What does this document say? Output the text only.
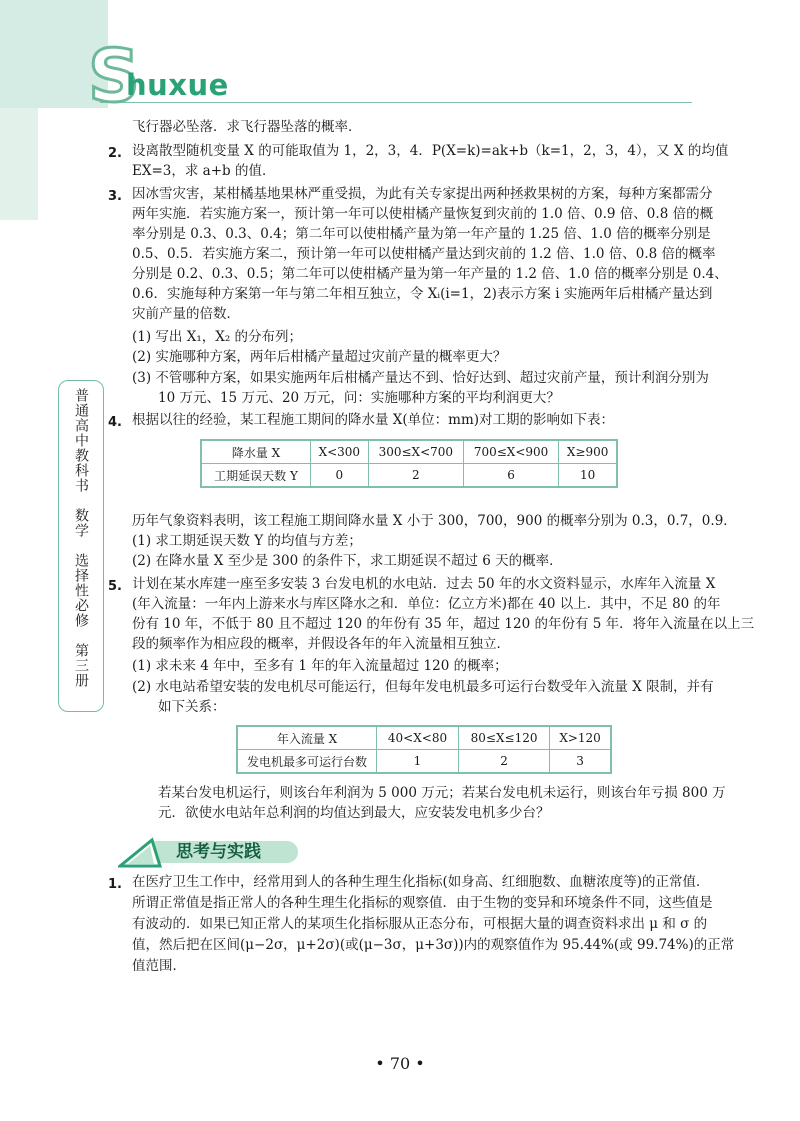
S
huxue
普通高中教科书　数学　选择性必修　第三册
飞行器必坠落．求飞行器坠落的概率．
2. 设离散型随机变量 X 的可能取值为 1，2，3，4．P(X=k)=ak+b（k=1，2，3，4），又 X 的均值
EX=3，求 a+b 的值．
3. 因冰雪灾害，某柑橘基地果林严重受损，为此有关专家提出两种拯救果树的方案，每种方案都需分
两年实施．若实施方案一，预计第一年可以使柑橘产量恢复到灾前的 1.0 倍、0.9 倍、0.8 倍的概
率分别是 0.3、0.3、0.4；第二年可以使柑橘产量为第一年产量的 1.25 倍、1.0 倍的概率分别是
0.5、0.5．若实施方案二，预计第一年可以使柑橘产量达到灾前的 1.2 倍、1.0 倍、0.8 倍的概率
分别是 0.2、0.3、0.5；第二年可以使柑橘产量为第一年产量的 1.2 倍、1.0 倍的概率分别是 0.4、
0.6．实施每种方案第一年与第二年相互独立，令 Xᵢ(i=1，2)表示方案 i 实施两年后柑橘产量达到
灾前产量的倍数．
(1) 写出 X₁，X₂ 的分布列；
(2) 实施哪种方案，两年后柑橘产量超过灾前产量的概率更大？
(3) 不管哪种方案，如果实施两年后柑橘产量达不到、恰好达到、超过灾前产量，预计利润分别为
10 万元、15 万元、20 万元，问：实施哪种方案的平均利润更大？
4. 根据以往的经验，某工程施工期间的降水量 X(单位：mm)对工期的影响如下表：
降水量 X	X<300	300≤X<700	700≤X<900	X≥900
工期延误天数 Y	0	2	6	10
历年气象资料表明，该工程施工期间降水量 X 小于 300，700，900 的概率分别为 0.3，0.7，0.9．
(1) 求工期延误天数 Y 的均值与方差；
(2) 在降水量 X 至少是 300 的条件下，求工期延误不超过 6 天的概率．
5. 计划在某水库建一座至多安装 3 台发电机的水电站．过去 50 年的水文资料显示，水库年入流量 X
(年入流量：一年内上游来水与库区降水之和．单位：亿立方米)都在 40 以上．其中，不足 80 的年
份有 10 年，不低于 80 且不超过 120 的年份有 35 年，超过 120 的年份有 5 年．将年入流量在以上三
段的频率作为相应段的概率，并假设各年的年入流量相互独立．
(1) 求未来 4 年中，至多有 1 年的年入流量超过 120 的概率；
(2) 水电站希望安装的发电机尽可能运行，但每年发电机最多可运行台数受年入流量 X 限制，并有
如下关系：
年入流量 X	40<X<80	80≤X≤120	X>120
发电机最多可运行台数	1	2	3
若某台发电机运行，则该台年利润为 5 000 万元；若某台发电机未运行，则该台年亏损 800 万
元．欲使水电站年总利润的均值达到最大，应安装发电机多少台？
思考与实践
1. 在医疗卫生工作中，经常用到人的各种生理生化指标(如身高、红细胞数、血糖浓度等)的正常值．
所谓正常值是指正常人的各种生理生化指标的观察值．由于生物的变异和环境条件不同，这些值是
有波动的．如果已知正常人的某项生化指标服从正态分布，可根据大量的调查资料求出 μ 和 σ 的
值，然后把在区间(μ−2σ，μ+2σ)(或(μ−3σ，μ+3σ))内的观察值作为 95.44%(或 99.74%)的正常
值范围．
• 70 •
